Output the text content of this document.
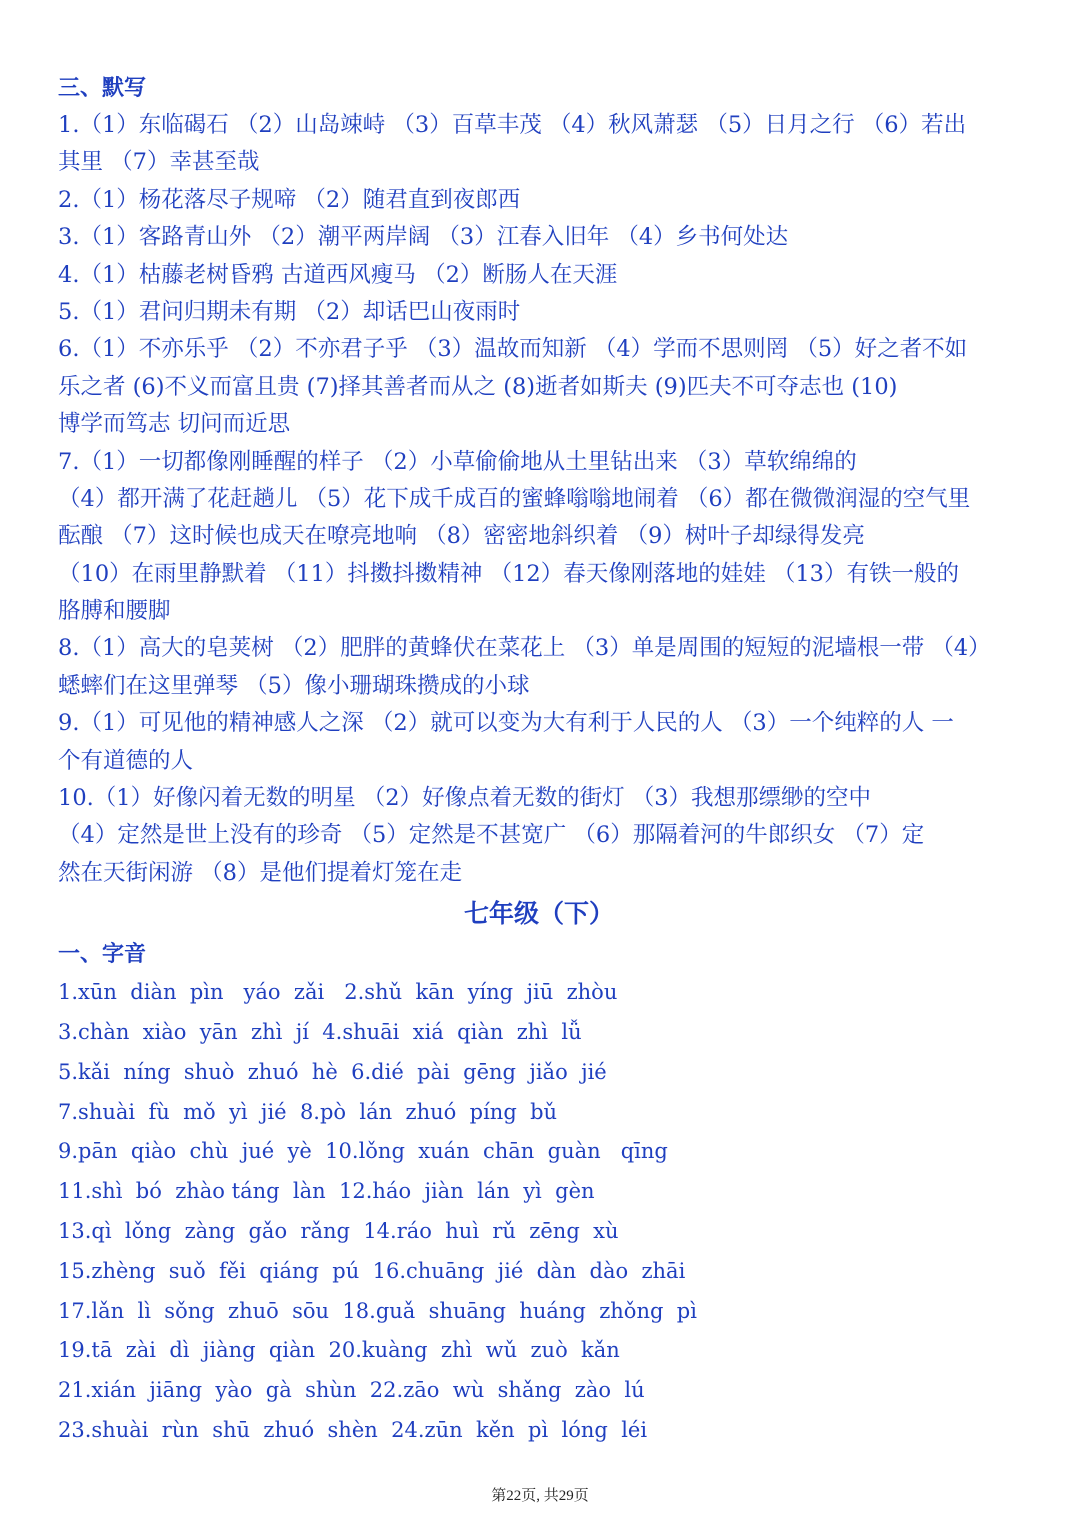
三、默写
1.（1）东临碣石 （2）山岛竦峙 （3）百草丰茂 （4）秋风萧瑟 （5）日月之行 （6）若出
其里 （7）幸甚至哉
2.（1）杨花落尽子规啼 （2）随君直到夜郎西
3.（1）客路青山外 （2）潮平两岸阔 （3）江春入旧年 （4）乡书何处达
4.（1）枯藤老树昏鸦 古道西风瘦马 （2）断肠人在天涯
5.（1）君问归期未有期 （2）却话巴山夜雨时
6.（1）不亦乐乎 （2）不亦君子乎 （3）温故而知新 （4）学而不思则罔 （5）好之者不如
乐之者 (6)不义而富且贵 (7)择其善者而从之 (8)逝者如斯夫 (9)匹夫不可夺志也 (10)
博学而笃志 切问而近思
7.（1）一切都像刚睡醒的样子 （2）小草偷偷地从土里钻出来 （3）草软绵绵的
（4）都开满了花赶趟儿 （5）花下成千成百的蜜蜂嗡嗡地闹着 （6）都在微微润湿的空气里
酝酿 （7）这时候也成天在嘹亮地响 （8）密密地斜织着 （9）树叶子却绿得发亮
（10）在雨里静默着 （11）抖擞抖擞精神 （12）春天像刚落地的娃娃 （13）有铁一般的
胳膊和腰脚
8.（1）高大的皂荚树 （2）肥胖的黄蜂伏在菜花上 （3）单是周围的短短的泥墙根一带 （4）
蟋蟀们在这里弹琴 （5）像小珊瑚珠攒成的小球
9.（1）可见他的精神感人之深 （2）就可以变为大有利于人民的人 （3）一个纯粹的人 一
个有道德的人
10.（1）好像闪着无数的明星 （2）好像点着无数的街灯 （3）我想那缥缈的空中
（4）定然是世上没有的珍奇 （5）定然是不甚宽广 （6）那隔着河的牛郎织女 （7）定
然在天街闲游 （8）是他们提着灯笼在走
七年级（下）
一、字音
1.xūn  diàn  pìn   yáo  zǎi   2.shǔ  kān  yíng  jiū  zhòu
3.chàn  xiào  yān  zhì  jí  4.shuāi  xiá  qiàn  zhì  lǚ
5.kǎi  níng  shuò  zhuó  hè  6.dié  pài  gēng  jiǎo  jié
7.shuài  fù  mǒ  yì  jié  8.pò  lán  zhuó  píng  bǔ
9.pān  qiào  chù  jué  yè  10.lǒng  xuán  chān  guàn   qīng
11.shì  bó  zhào táng  làn  12.háo  jiàn  lán  yì  gèn
13.qì  lǒng  zàng  gǎo  rǎng  14.ráo  huì  rǔ  zēng  xù
15.zhèng  suǒ  fěi  qiáng  pú  16.chuāng  jié  dàn  dào  zhāi
17.lǎn  lì  sǒng  zhuō  sōu  18.guǎ  shuāng  huáng  zhǒng  pì
19.tā  zài  dì  jiàng  qiàn  20.kuàng  zhì  wǔ  zuò  kǎn
21.xián  jiāng  yào  gà  shùn  22.zāo  wù  shǎng  zào  lú
23.shuài  rùn  shū  zhuó  shèn  24.zūn  kěn  pì  lóng  léi
第22页, 共29页
